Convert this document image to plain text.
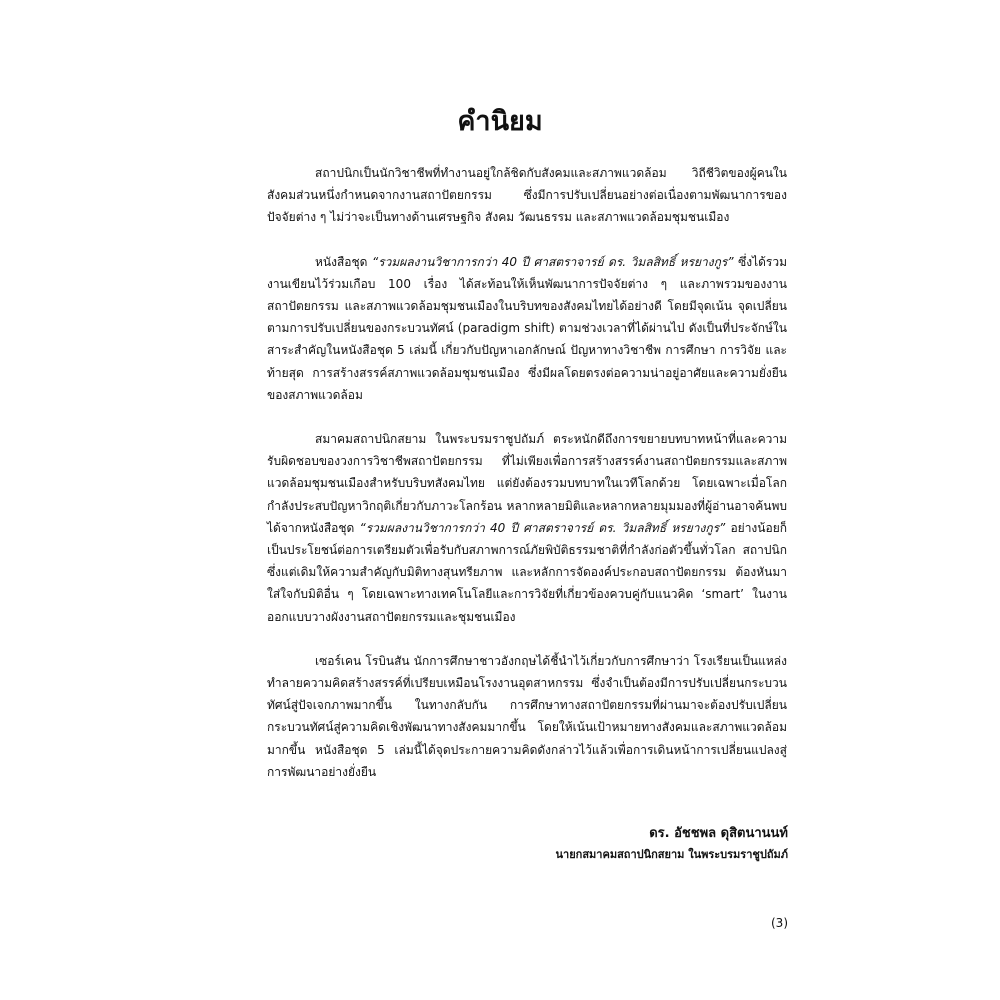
คำนิยม

สถาปนิกเป็นนักวิชาชีพที่ทำงานอยู่ใกล้ชิดกับสังคมและสภาพแวดล้อม วิถีชีวิตของผู้คนในสังคมส่วนหนึ่งกำหนดจากงานสถาปัตยกรรม ซึ่งมีการปรับเปลี่ยนอย่างต่อเนื่องตามพัฒนาการของปัจจัยต่าง ๆ ไม่ว่าจะเป็นทางด้านเศรษฐกิจ สังคม วัฒนธรรม และสภาพแวดล้อมชุมชนเมือง

หนังสือชุด “รวมผลงานวิชาการกว่า 40 ปี ศาสตราจารย์ ดร. วิมลสิทธิ์ หรยางกูร” ซึ่งได้รวมงานเขียนไว้ร่วมเกือบ 100 เรื่อง ได้สะท้อนให้เห็นพัฒนาการปัจจัยต่าง ๆ และภาพรวมของงานสถาปัตยกรรม และสภาพแวดล้อมชุมชนเมืองในบริบทของสังคมไทยได้อย่างดี โดยมีจุดเน้น จุดเปลี่ยน ตามการปรับเปลี่ยนของกระบวนทัศน์ (paradigm shift) ตามช่วงเวลาที่ได้ผ่านไป ดังเป็นที่ประจักษ์ในสาระสำคัญในหนังสือชุด 5 เล่มนี้ เกี่ยวกับปัญหาเอกลักษณ์ ปัญหาทางวิชาชีพ การศึกษา การวิจัย และท้ายสุด การสร้างสรรค์สภาพแวดล้อมชุมชนเมือง ซึ่งมีผลโดยตรงต่อความน่าอยู่อาศัยและความยั่งยืนของสภาพแวดล้อม

สมาคมสถาปนิกสยาม ในพระบรมราชูปถัมภ์ ตระหนักดีถึงการขยายบทบาทหน้าที่และความรับผิดชอบของวงการวิชาชีพสถาปัตยกรรม ที่ไม่เพียงเพื่อการสร้างสรรค์งานสถาปัตยกรรมและสภาพแวดล้อมชุมชนเมืองสำหรับบริบทสังคมไทย แต่ยังต้องรวมบทบาทในเวทีโลกด้วย โดยเฉพาะเมื่อโลกกำลังประสบปัญหาวิกฤติเกี่ยวกับภาวะโลกร้อน หลากหลายมิติและหลากหลายมุมมองที่ผู้อ่านอาจค้นพบได้จากหนังสือชุด “รวมผลงานวิชาการกว่า 40 ปี ศาสตราจารย์ ดร. วิมลสิทธิ์ หรยางกูร” อย่างน้อยก็เป็นประโยชน์ต่อการเตรียมตัวเพื่อรับกับสภาพการณ์ภัยพิบัติธรรมชาติที่กำลังก่อตัวขึ้นทั่วโลก สถาปนิกซึ่งแต่เดิมให้ความสำคัญกับมิติทางสุนทรียภาพ และหลักการจัดองค์ประกอบสถาปัตยกรรม ต้องหันมาใส่ใจกับมิติอื่น ๆ โดยเฉพาะทางเทคโนโลยีและการวิจัยที่เกี่ยวข้องควบคู่กับแนวคิด ‘smart’ ในงานออกแบบวางผังงานสถาปัตยกรรมและชุมชนเมือง

เซอร์เคน โรบินสัน นักการศึกษาชาวอังกฤษได้ชี้นำไว้เกี่ยวกับการศึกษาว่า โรงเรียนเป็นแหล่งทำลายความคิดสร้างสรรค์ที่เปรียบเหมือนโรงงานอุตสาหกรรม ซึ่งจำเป็นต้องมีการปรับเปลี่ยนกระบวนทัศน์สู่ปัจเจกภาพมากขึ้น ในทางกลับกัน การศึกษาทางสถาปัตยกรรมที่ผ่านมาจะต้องปรับเปลี่ยนกระบวนทัศน์สู่ความคิดเชิงพัฒนาทางสังคมมากขึ้น โดยให้เน้นเป้าหมายทางสังคมและสภาพแวดล้อมมากขึ้น หนังสือชุด 5 เล่มนี้ได้จุดประกายความคิดดังกล่าวไว้แล้วเพื่อการเดินหน้าการเปลี่ยนแปลงสู่การพัฒนาอย่างยั่งยืน

ดร. อัชชพล ดุสิตนานนท์
นายกสมาคมสถาปนิกสยาม ในพระบรมราชูปถัมภ์
(3)
